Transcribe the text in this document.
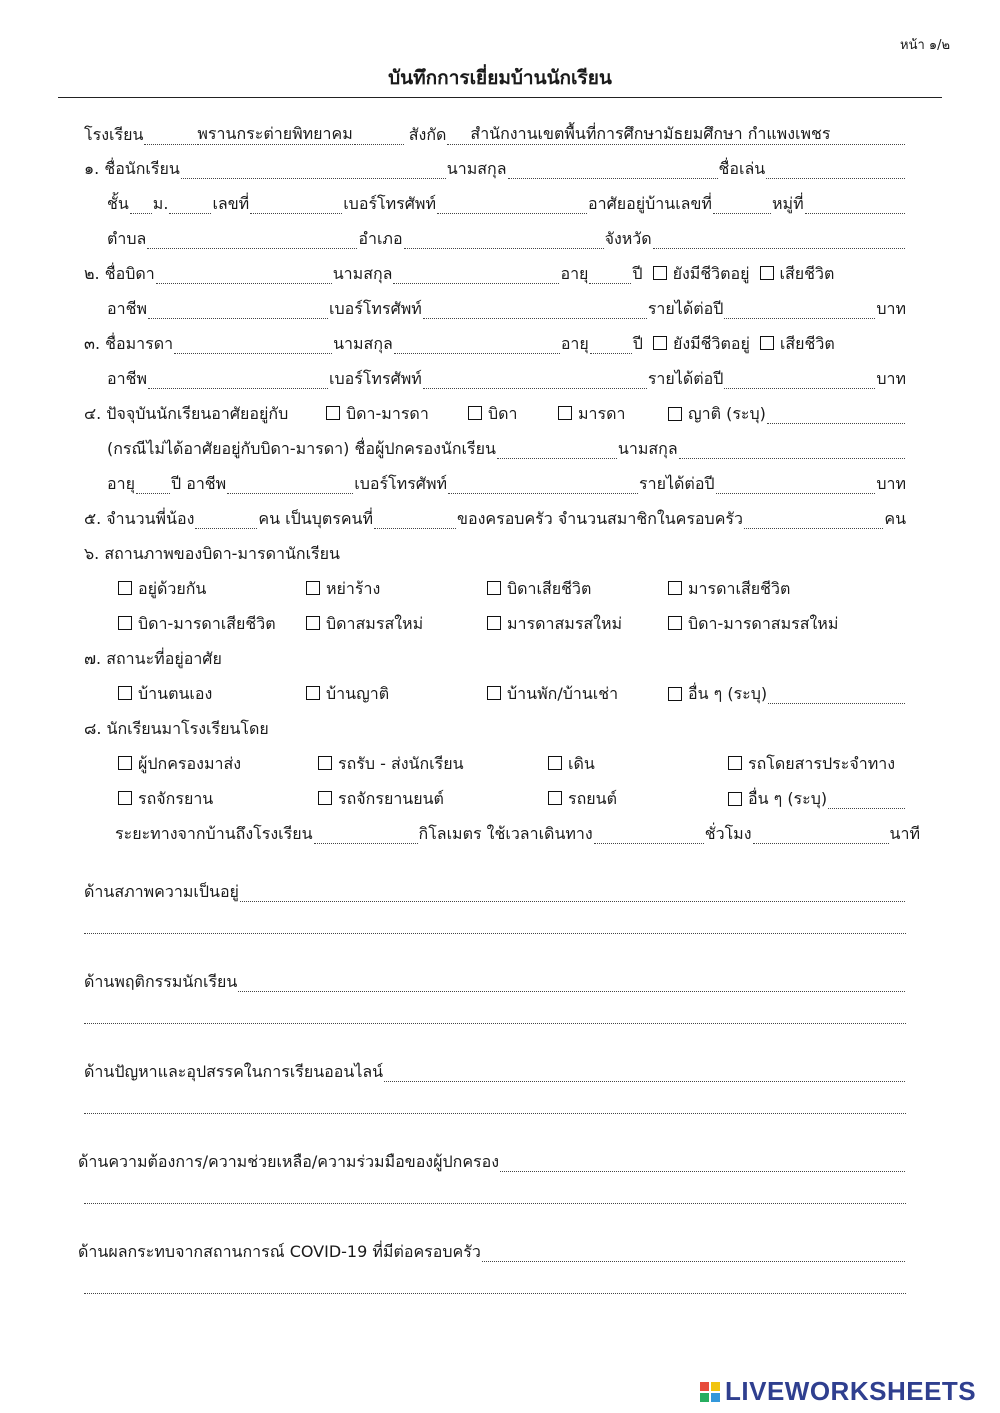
หน้า ๑/๒
บันทึกการเยี่ยมบ้านนักเรียน
โรงเรียน	พรานกระต่ายพิทยาคม	สังกัด สำนักงานเขตพื้นที่การศึกษามัธยมศึกษา กำแพงเพชร
๑. ชื่อนักเรียน	นามสกุล	ชื่อเล่น
ชั้น ม.	เลขที่	เบอร์โทรศัพท์	อาศัยอยู่บ้านเลขที่	หมู่ที่
ตำบล	อำเภอ	จังหวัด
๒. ชื่อบิดา	นามสกุล	อายุ	ปี ยังมีชีวิตอยู่ เสียชีวิต
อาชีพ	เบอร์โทรศัพท์	รายได้ต่อปี	บาท
๓. ชื่อมารดา	นามสกุล	อายุ	ปี ยังมีชีวิตอยู่ เสียชีวิต
อาชีพ	เบอร์โทรศัพท์	รายได้ต่อปี	บาท
๔. ปัจจุบันนักเรียนอาศัยอยู่กับ	บิดา-มารดา	บิดา	มารดา	ญาติ (ระบุ)
(กรณีไม่ได้อาศัยอยู่กับบิดา-มารดา) ชื่อผู้ปกครองนักเรียน	นามสกุล
อายุ ปี อาชีพ	เบอร์โทรศัพท์	รายได้ต่อปี	บาท
๕. จำนวนพี่น้อง	คน เป็นบุตรคนที่	ของครอบครัว จำนวนสมาชิกในครอบครัว	คน
๖. สถานภาพของบิดา-มารดานักเรียน
อยู่ด้วยกัน	หย่าร้าง	บิดาเสียชีวิต	มารดาเสียชีวิต
บิดา-มารดาเสียชีวิต	บิดาสมรสใหม่	มารดาสมรสใหม่	บิดา-มารดาสมรสใหม่
๗. สถานะที่อยู่อาศัย
บ้านตนเอง	บ้านญาติ	บ้านพัก/บ้านเช่า	อื่น ๆ (ระบุ)
๘. นักเรียนมาโรงเรียนโดย
ผู้ปกครองมาส่ง	รถรับ - ส่งนักเรียน	เดิน	รถโดยสารประจำทาง
รถจักรยาน	รถจักรยานยนต์	รถยนต์	อื่น ๆ (ระบุ)
ระยะทางจากบ้านถึงโรงเรียน	กิโลเมตร ใช้เวลาเดินทาง	ชั่วโมง	นาที
ด้านสภาพความเป็นอยู่
ด้านพฤติกรรมนักเรียน
ด้านปัญหาและอุปสรรคในการเรียนออนไลน์
ด้านความต้องการ/ความช่วยเหลือ/ความร่วมมือของผู้ปกครอง
ด้านผลกระทบจากสถานการณ์ COVID-19 ที่มีต่อครอบครัว
LIVEWORKSHEETS
